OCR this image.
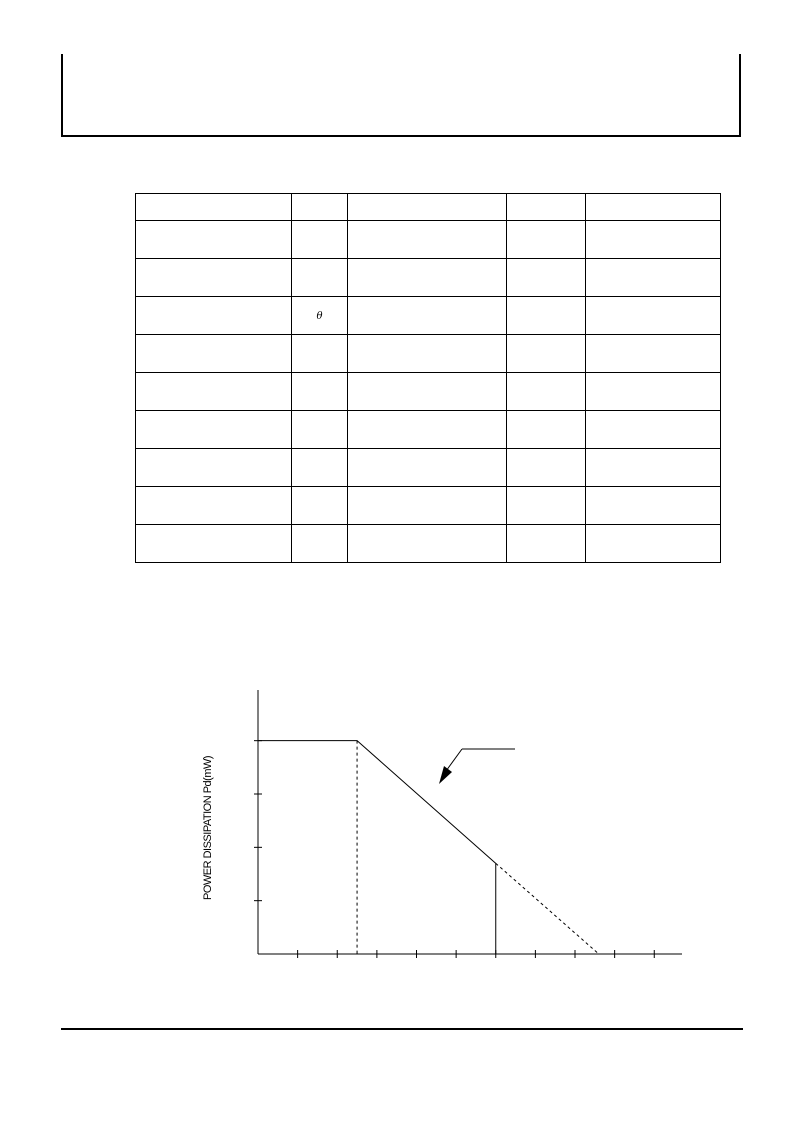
	θ			

POWER DISSIPATION Pd(mW)
